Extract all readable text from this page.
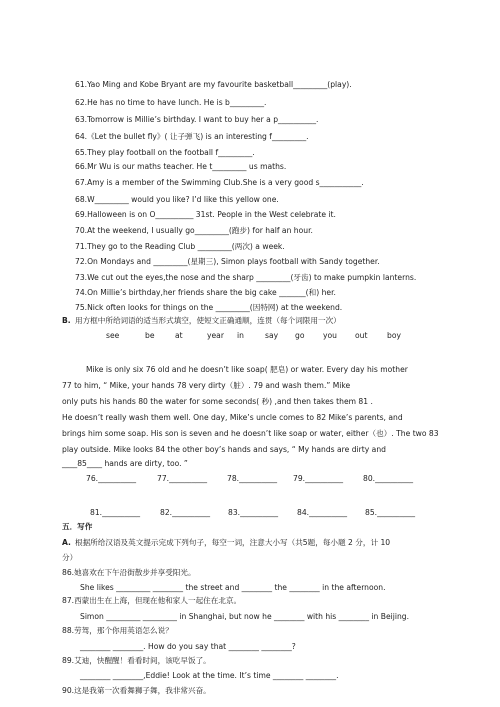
61.Yao Ming and Kobe Bryant are my favourite basketball_________(play).
62.He has no time to have lunch. He is b_________.
63.Tomorrow is Millie’s birthday. I want to buy her a p__________.
64.《Let the bullet fly》( 让子弹飞) is an interesting f_________.
65.They play football on the football f_________.
66.Mr Wu is our maths teacher. He t_________ us maths.
67.Amy is a member of the Swimming Club.She is a very good s___________.
68.W_________ would you like? I’d like this yellow one.
69.Halloween is on O__________ 31st. People in the West celebrate it.
70.At the weekend, I usually go_________(跑步) for half an hour.
71.They go to the Reading Club _________(两次) a week.
72.On Mondays and _________(星期三), Simon plays football with Sandy together.
73.We cut out the eyes,the nose and the sharp _________(牙齿) to make pumpkin lanterns.
74.On Millie’s birthday,her friends share the big cake _______(和) her.
75.Nick often looks for things on the _________(因特网) at the weekend.
B. 用方框中所给词语的适当形式填空，使短文正确通顺，连贯（每个词限用一次）
see	be	at	year in	say go you out	boy
Mike is only six 76 old and he doesn’t like soap( 肥皂) or water. Every day his mother
77 to him, “ Mike, your hands 78 very dirty（脏）. 79 and wash them.” Mike
only puts his hands 80 the water for some seconds( 秒) ,and then takes them 81 .
He doesn’t really wash them well. One day, Mike’s uncle comes to 82 Mike’s parents, and
brings him some soap. His son is seven and he doesn’t like soap or water, either（也）. The two 83
play outside. Mike looks 84 the other boy’s hands and says, “ My hands are dirty and
____85____ hands are dirty, too. ”
76.__________	77.__________	78.__________ 79.__________	80.__________
81.__________	82.__________ 83.__________ 84.__________ 85.__________
五．写作
A. 根据所给汉语及英文提示完成下列句子，每空一词，注意大小写（共5题，每小题 2 分，计 10
分）
86.她喜欢在下午沿街散步并享受阳光。
She likes _________ ________ the street and ________ the ________ in the afternoon.
87.西蒙出生在上海，但现在他和家人一起住在北京。
Simon _________ _________ in Shanghai, but now he ________ with his ________ in Beijing.
88.劳驾，那个你用英语怎么说？
________ ________. How do you say that ________ ________?
89.艾迪，快醒醒！看看时间，该吃早饭了。
________ ________,Eddie! Look at the time. It’s time ________ ________.
90.这是我第一次看舞狮子舞，我非常兴奋。
